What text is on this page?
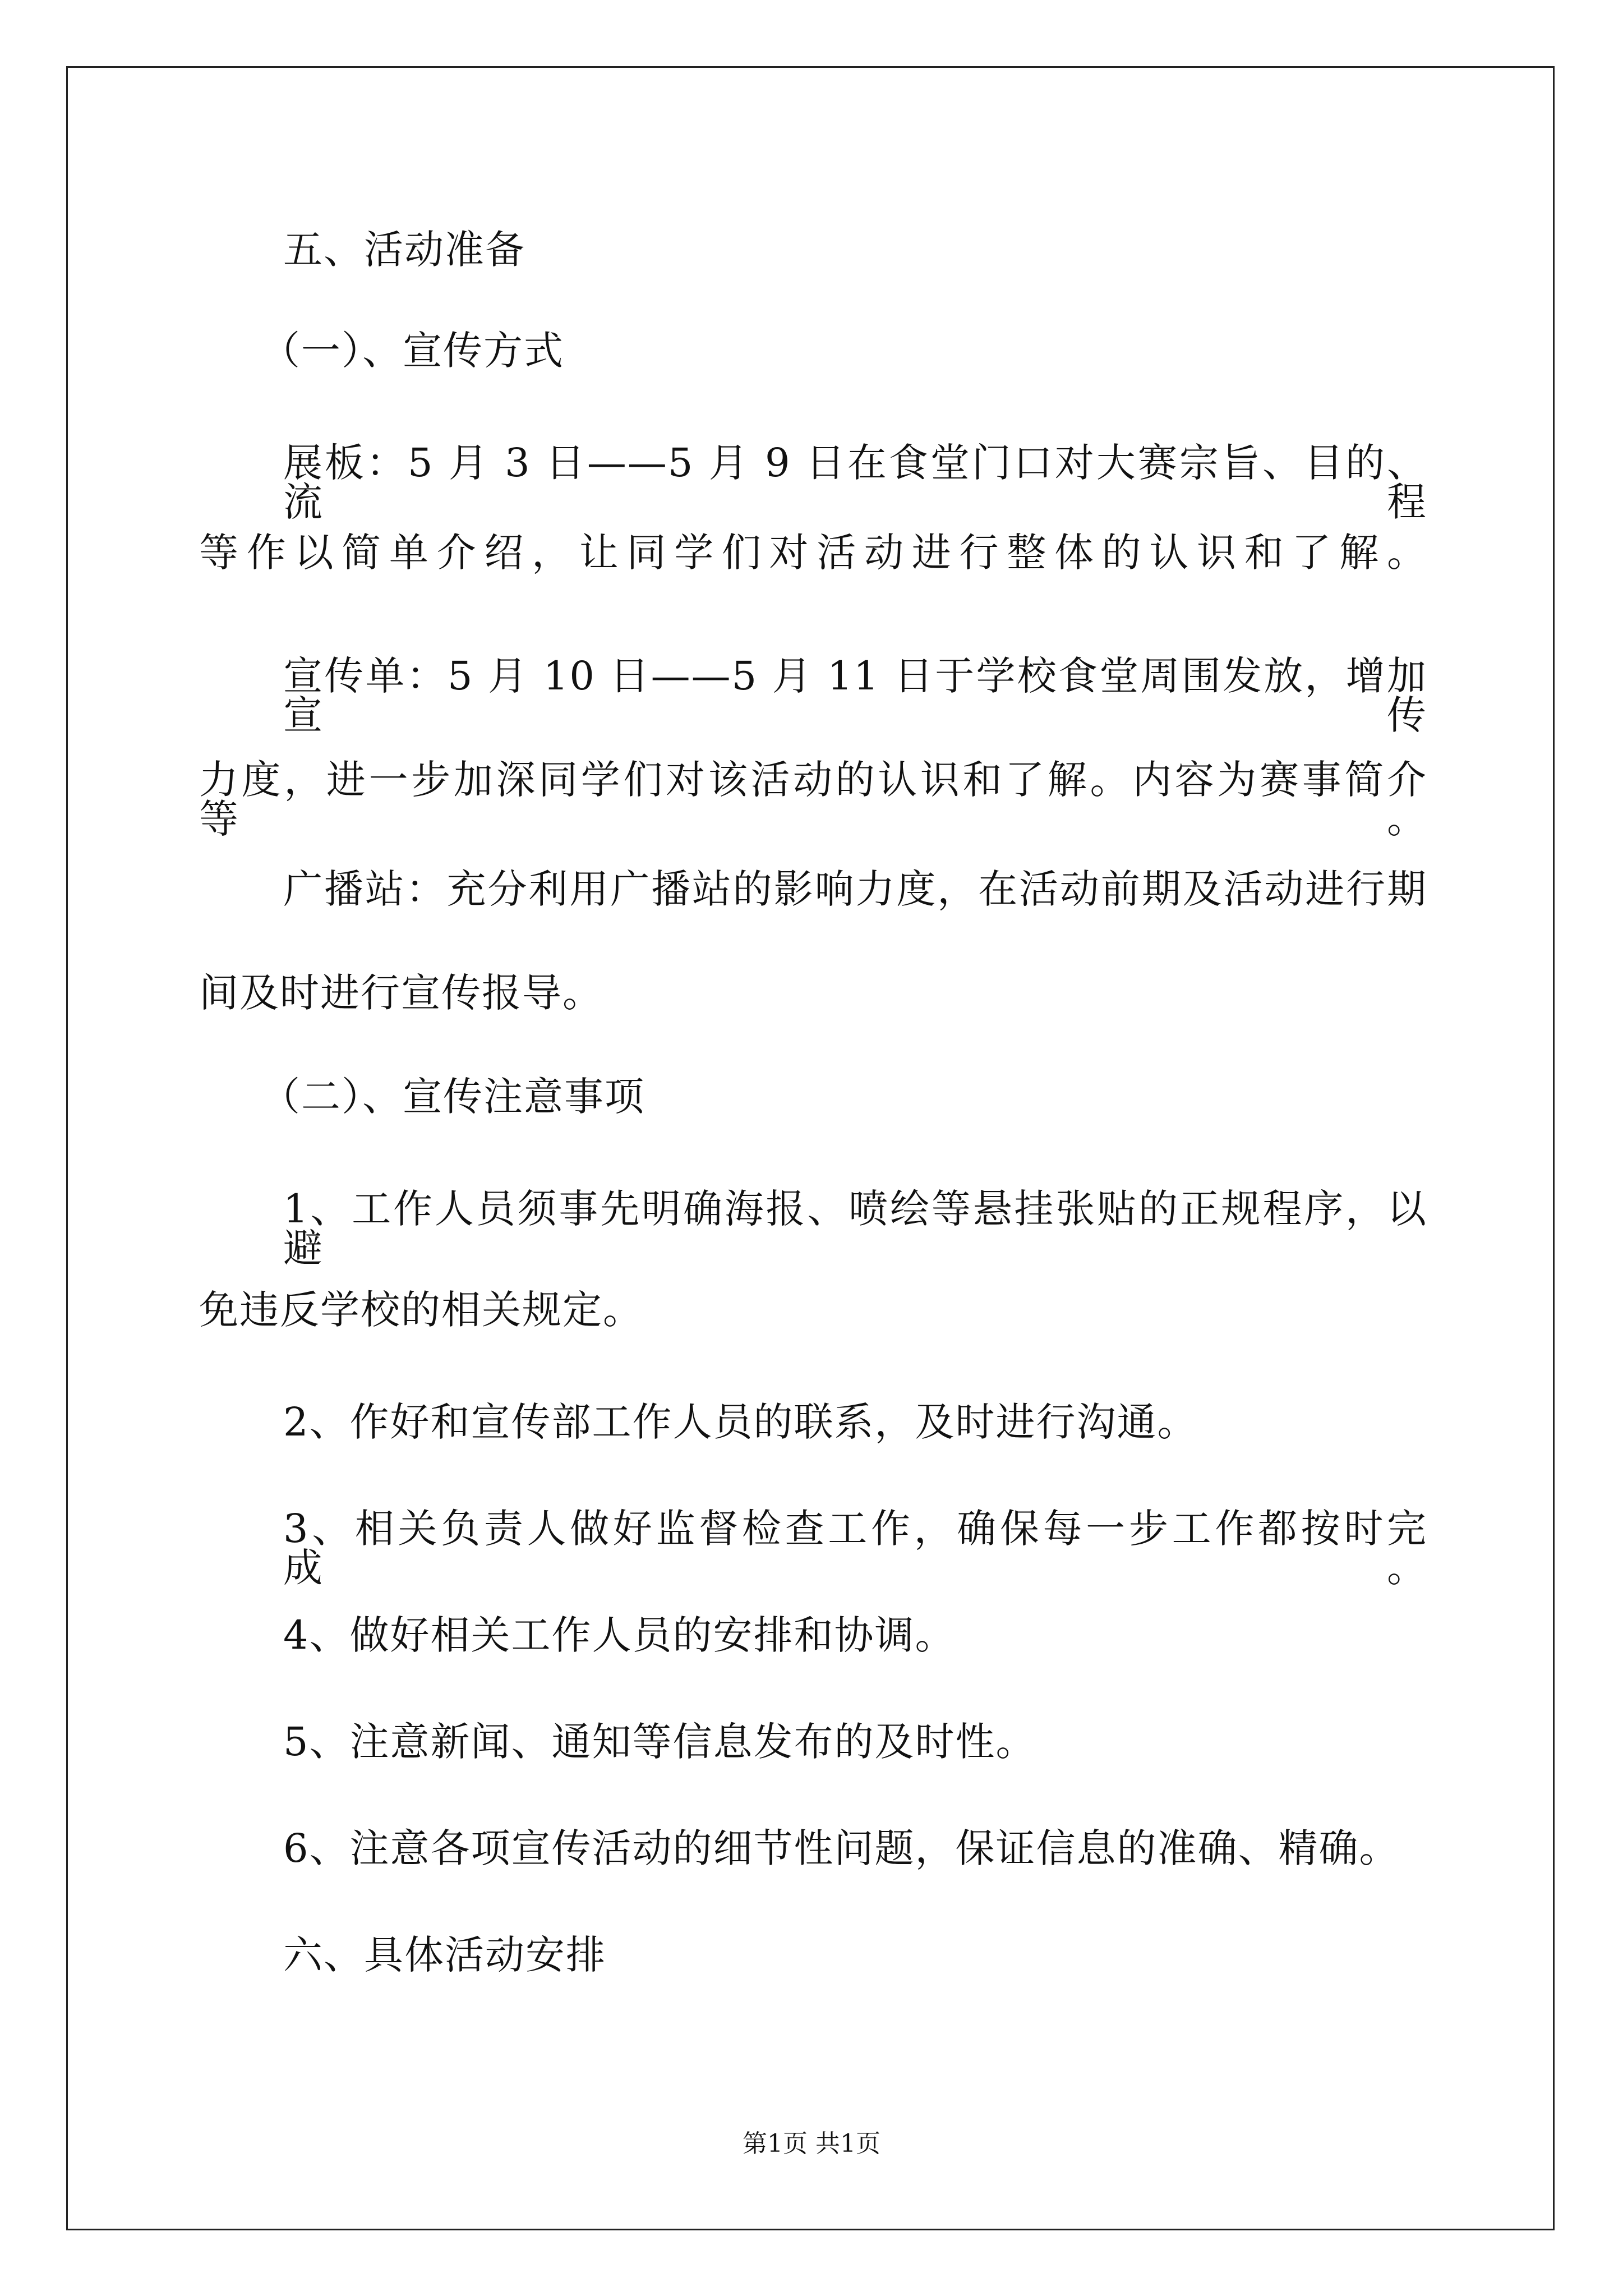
五、活动准备
（一）、宣传方式
展板：5 月 3 日——5 月 9 日在食堂门口对大赛宗旨、目的、流程
等作以简单介绍，让同学们对活动进行整体的认识和了解。
宣传单：5 月 10 日——5 月 11 日于学校食堂周围发放，增加宣传
力度，进一步加深同学们对该活动的认识和了解。内容为赛事简介等。
广播站：充分利用广播站的影响力度，在活动前期及活动进行期
间及时进行宣传报导。
（二）、宣传注意事项
1、工作人员须事先明确海报、喷绘等悬挂张贴的正规程序，以避
免违反学校的相关规定。
2、作好和宣传部工作人员的联系，及时进行沟通。
3、相关负责人做好监督检查工作，确保每一步工作都按时完成。
4、做好相关工作人员的安排和协调。
5、注意新闻、通知等信息发布的及时性。
6、注意各项宣传活动的细节性问题，保证信息的准确、精确。
六、具体活动安排
第1页 共1页
